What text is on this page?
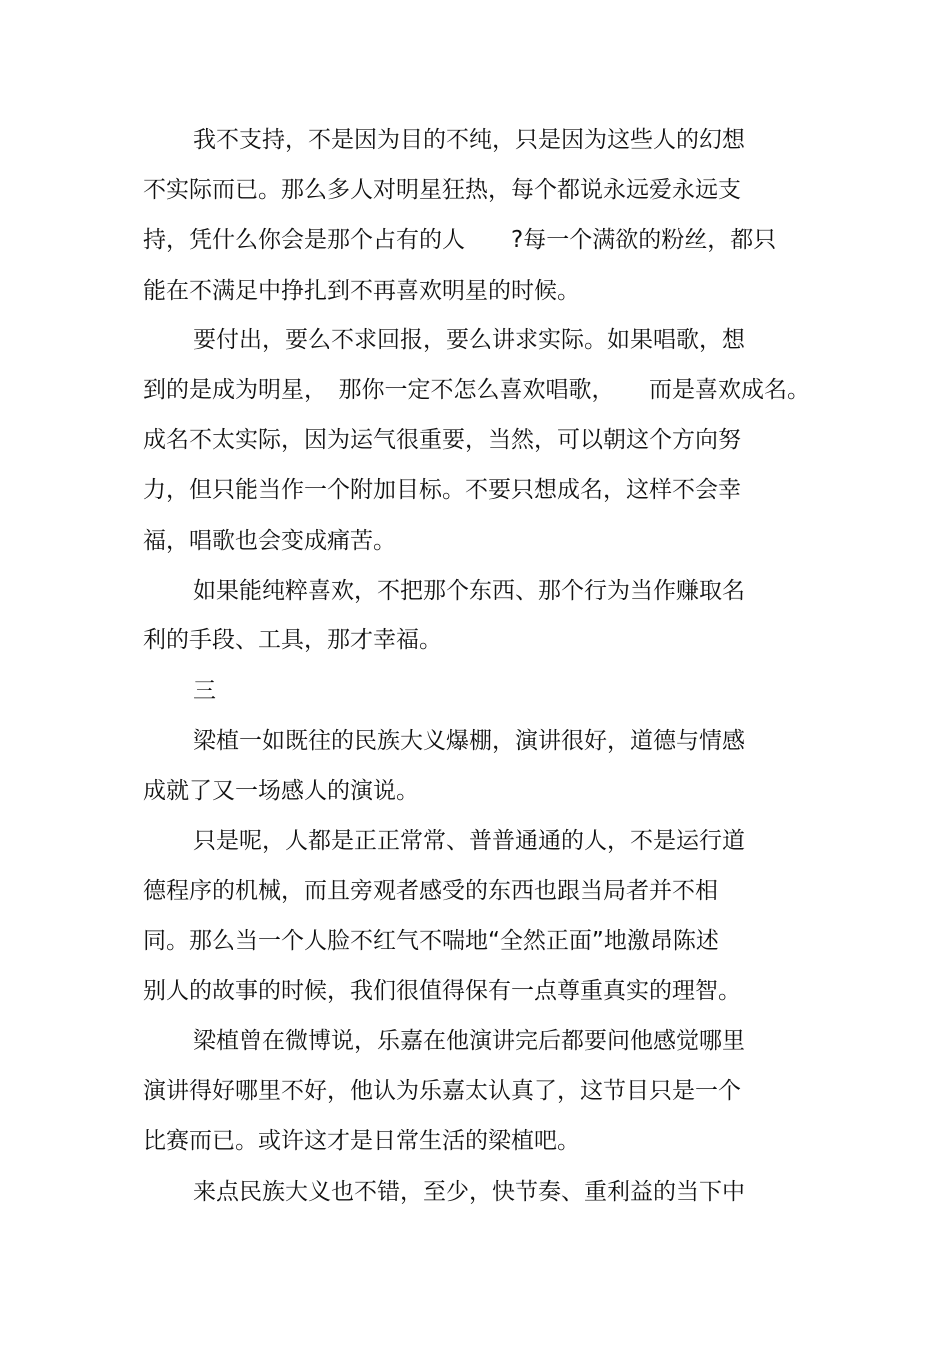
我不支持，不是因为目的不纯，只是因为这些人的幻想
不实际而已。那么多人对明星狂热，每个都说永远爱永远支
持，凭什么你会是那个占有的人　　?每一个满欲的粉丝，都只
能在不满足中挣扎到不再喜欢明星的时候。
要付出，要么不求回报，要么讲求实际。如果唱歌，想
到的是成为明星，　那你一定不怎么喜欢唱歌，　　而是喜欢成名。
成名不太实际，因为运气很重要，当然，可以朝这个方向努
力，但只能当作一个附加目标。不要只想成名，这样不会幸
福，唱歌也会变成痛苦。
如果能纯粹喜欢，不把那个东西、那个行为当作赚取名
利的手段、工具，那才幸福。
三
梁植一如既往的民族大义爆棚，演讲很好，道德与情感
成就了又一场感人的演说。
只是呢，人都是正正常常、普普通通的人，不是运行道
德程序的机械，而且旁观者感受的东西也跟当局者并不相
同。那么当一个人脸不红气不喘地“全然正面”地激昂陈述
别人的故事的时候，我们很值得保有一点尊重真实的理智。
梁植曾在微博说，乐嘉在他演讲完后都要问他感觉哪里
演讲得好哪里不好，他认为乐嘉太认真了，这节目只是一个
比赛而已。或许这才是日常生活的梁植吧。
来点民族大义也不错，至少，快节奏、重利益的当下中
